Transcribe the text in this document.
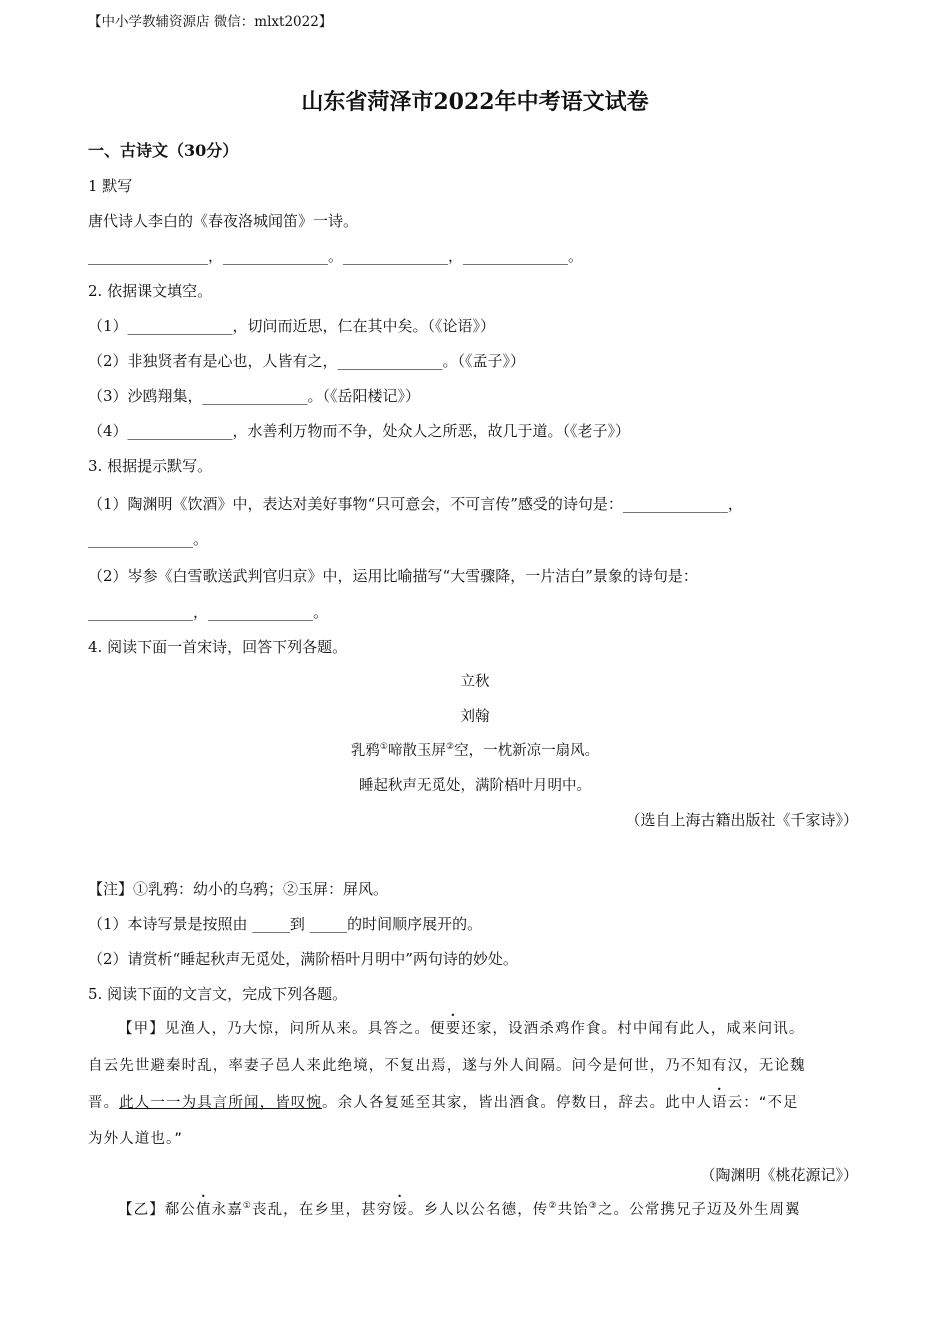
【中小学教辅资源店 微信：mlxt2022】
山东省菏泽市2022年中考语文试卷
一、古诗文（30分）
1 默写
唐代诗人李白的《春夜洛城闻笛》一诗。
________________，______________。______________，______________。
2. 依据课文填空。
（1）______________，切问而近思，仁在其中矣。（《论语》）
（2）非独贤者有是心也，人皆有之，______________。（《孟子》）
（3）沙鸥翔集，______________。（《岳阳楼记》）
（4）______________，水善利万物而不争，处众人之所恶，故几于道。（《老子》）
3. 根据提示默写。
（1）陶渊明《饮酒》中，表达对美好事物“只可意会，不可言传”感受的诗句是：______________，
______________。
（2）岑参《白雪歌送武判官归京》中，运用比喻描写“大雪骤降，一片洁白”景象的诗句是：
______________，______________。
4. 阅读下面一首宋诗，回答下列各题。
立秋
刘翰
乳鸦①啼散玉屏②空，一枕新凉一扇风。
睡起秋声无觅处，满阶梧叶月明中。
（选自上海古籍出版社《千家诗》）
【注】①乳鸦：幼小的乌鸦；②玉屏：屏风。
（1）本诗写景是按照由 _____到 _____的时间顺序展开的。
（2）请赏析“睡起秋声无觅处，满阶梧叶月明中”两句诗的妙处。
5. 阅读下面的文言文，完成下列各题。
【甲】见渔人，乃大惊，问所从来。具答之。便要还家，设酒杀鸡作食。村中闻有此人，咸来问讯。
自云先世避秦时乱，率妻子邑人来此绝境，不复出焉，遂与外人间隔。问今是何世，乃不知有汉，无论魏
晋。此人一一为具言所闻，皆叹惋。余人各复延至其家，皆出酒食。停数日，辞去。此中人语云：“不足
为外人道也。”
（陶渊明《桃花源记》）
【乙】郗公值永嘉①丧乱，在乡里，甚穷馁。乡人以公名德，传②共饴③之。公常携兄子迈及外生周翼
